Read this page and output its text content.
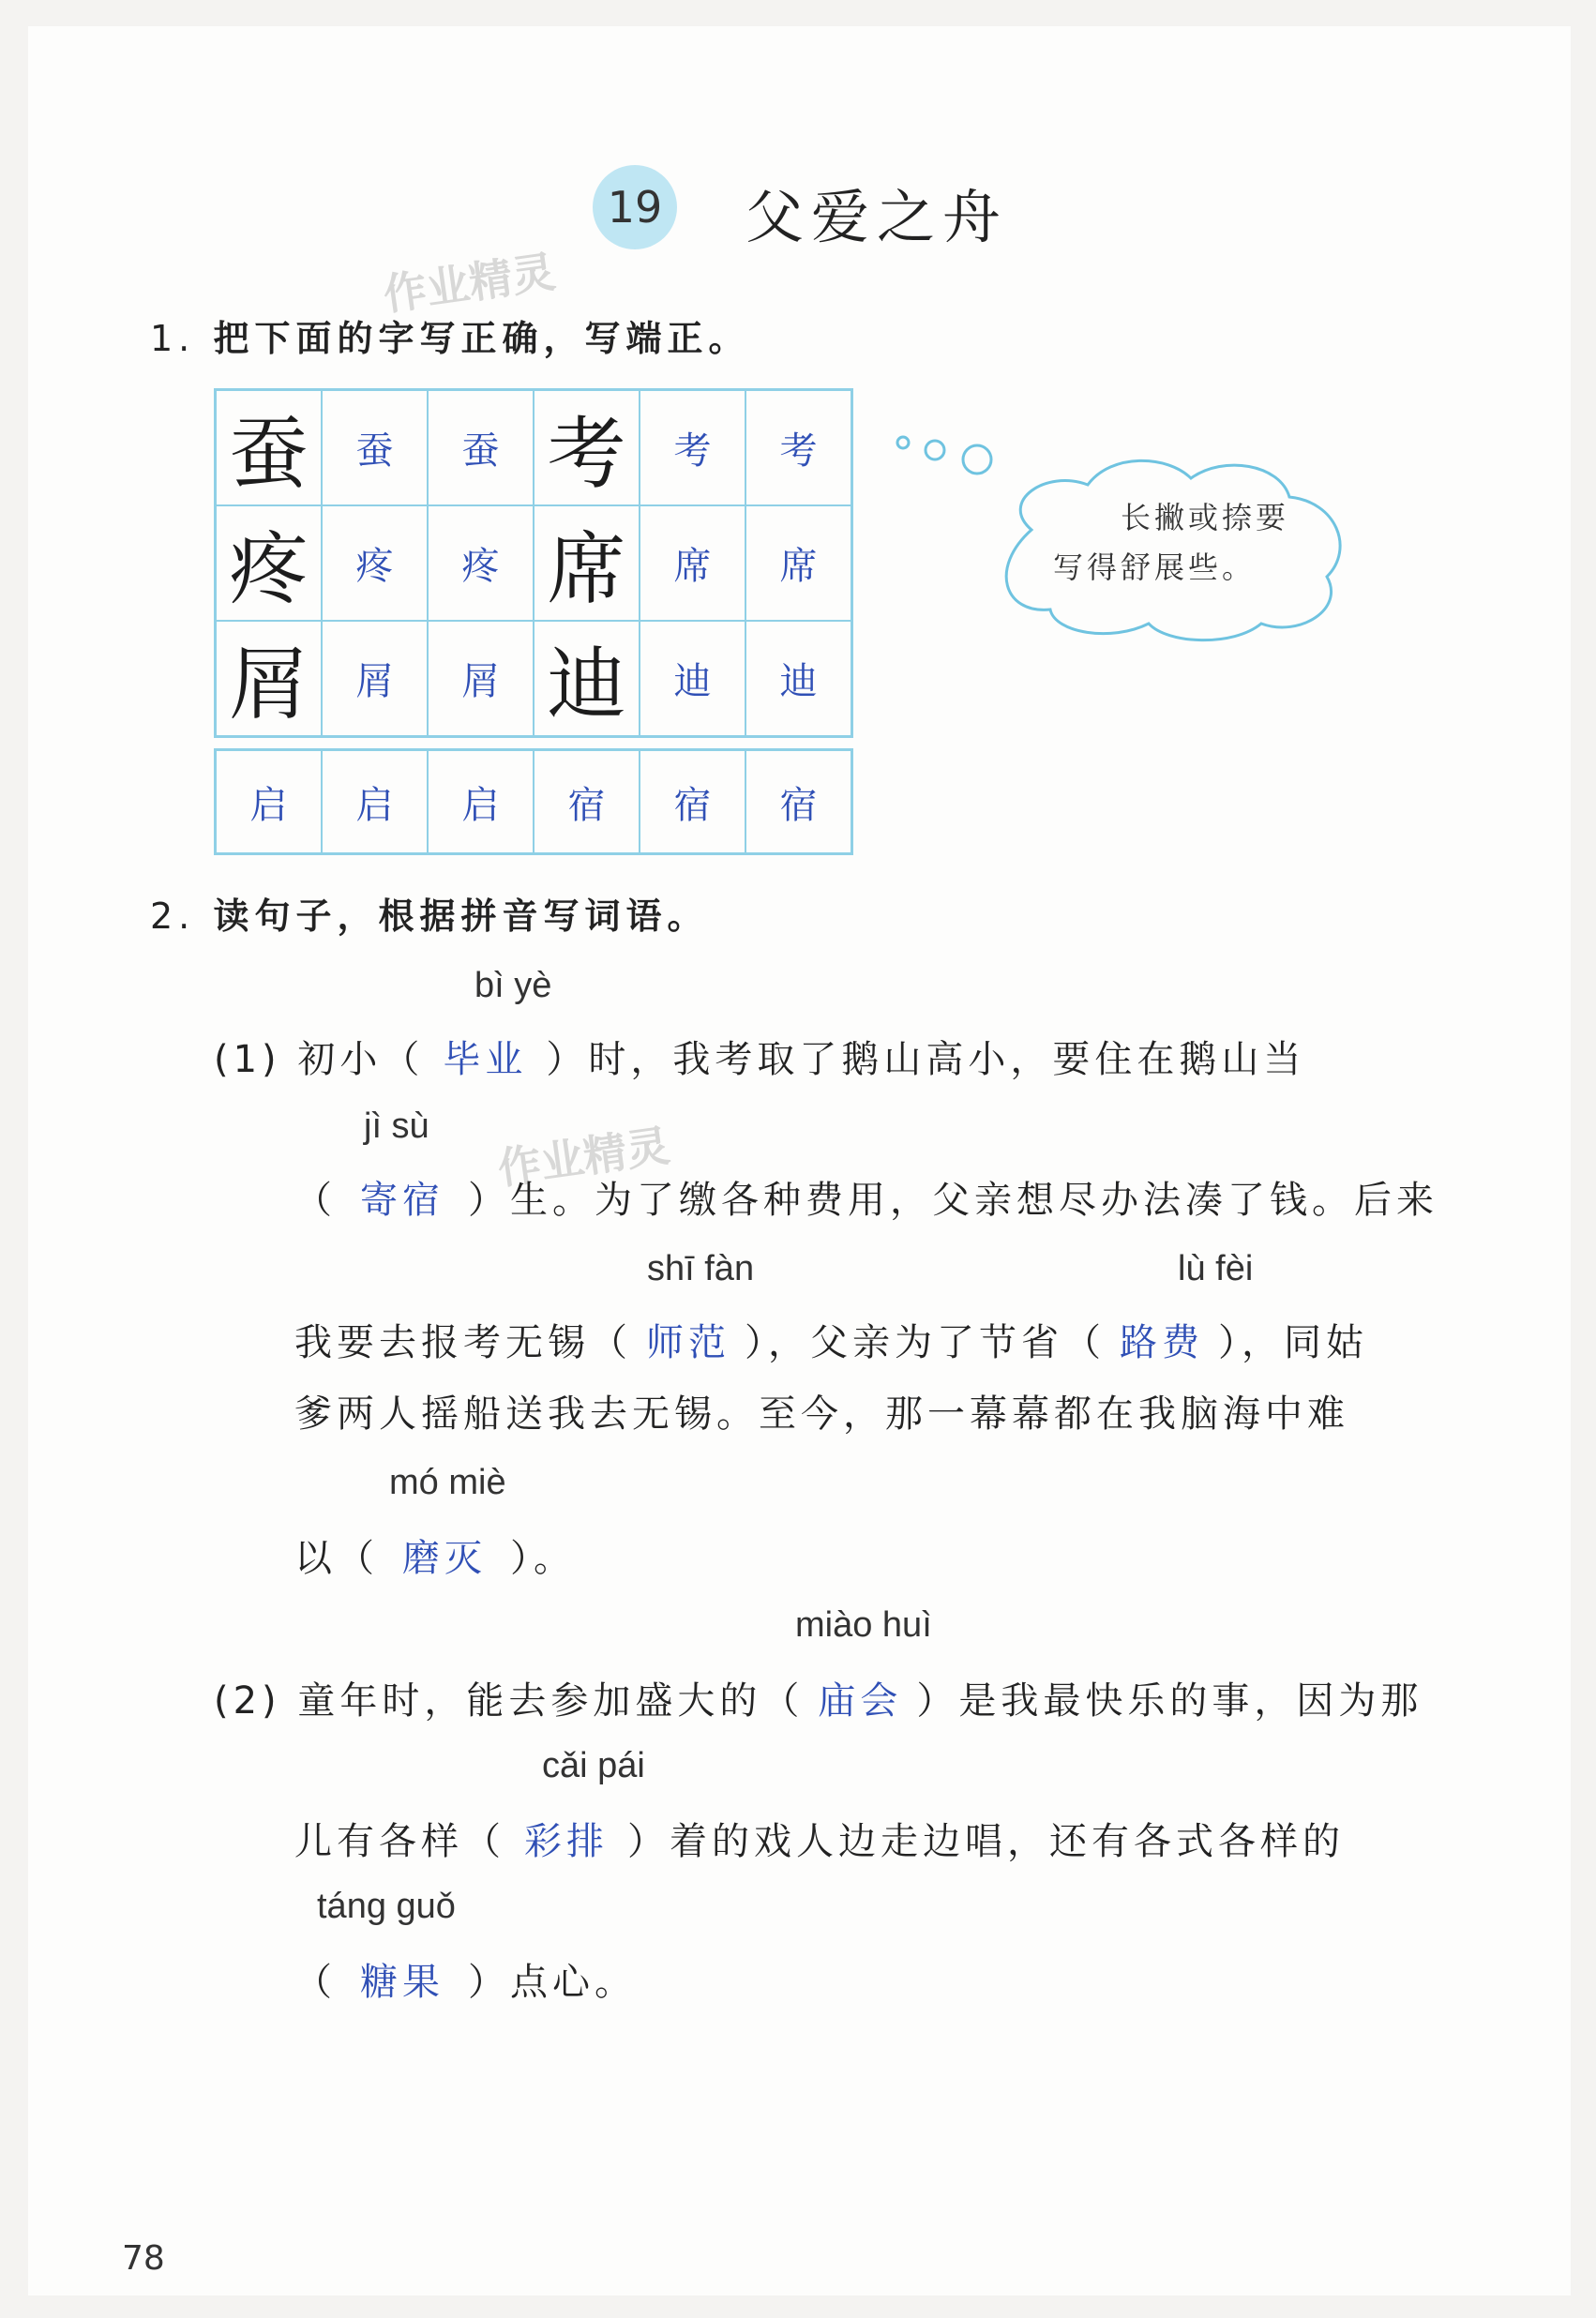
19 父爱之舟
作业精灵
作业精灵
1. 把下面的字写正确，写端正。
蚕	蚕	蚕	考	考	考
疼	疼	疼	席	席	席
屑	屑	屑	迪	迪	迪
启	启	启	宿	宿	宿
长撇或捺要
写得舒展些。
2. 读句子，根据拼音写词语。
bì yè
(1) 初小（ 毕业 ）时，我考取了鹅山高小，要住在鹅山当
jì sù
（ 寄宿 ）生。为了缴各种费用，父亲想尽办法凑了钱。后来
shī fàn	lù fèi
我要去报考无锡（ 师范 ），父亲为了节省（ 路费 ），同姑
爹两人摇船送我去无锡。至今，那一幕幕都在我脑海中难
mó miè
以（ 磨灭 ）。
miào huì
(2) 童年时，能去参加盛大的（ 庙会 ）是我最快乐的事，因为那
cǎi pái
儿有各样（ 彩排 ）着的戏人边走边唱，还有各式各样的
táng guǒ
（ 糖果 ）点心。
78
